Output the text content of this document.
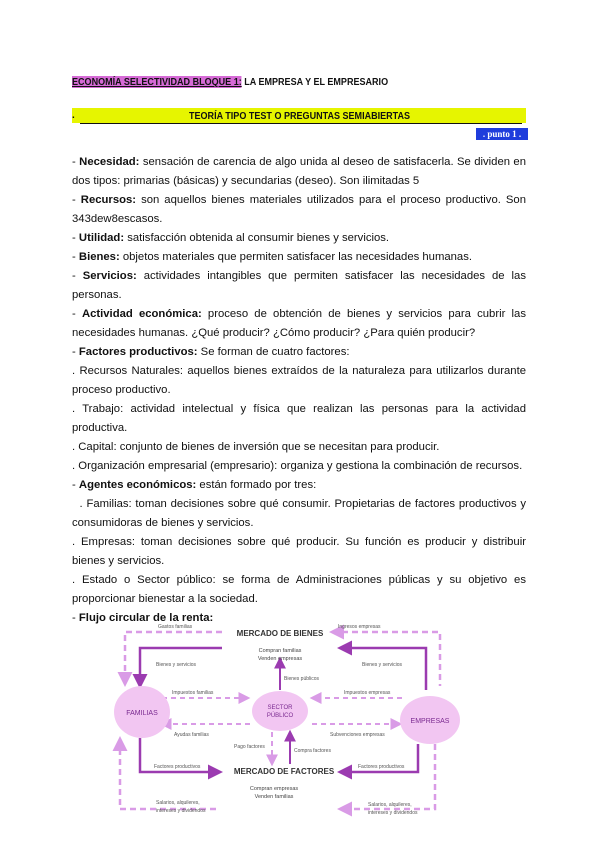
ECONOMÍA SELECTIVIDAD BLOQUE 1: LA EMPRESA Y EL EMPRESARIO
.	TEORÍA TIPO TEST O PREGUNTAS SEMIABIERTAS
. punto 1 .

- Necesidad: sensación de carencia de algo unida al deseo de satisfacerla. Se dividen en dos tipos: primarias (básicas) y secundarias (deseo). Son ilimitadas 5

- Recursos: son aquellos bienes materiales utilizados para el proceso productivo. Son 343dew8escasos.

- Utilidad: satisfacción obtenida al consumir bienes y servicios.

- Bienes: objetos materiales que permiten satisfacer las necesidades humanas.

- Servicios: actividades intangibles que permiten satisfacer las necesidades de las personas.

- Actividad económica: proceso de obtención de bienes y servicios para cubrir las necesidades humanas. ¿Qué producir? ¿Cómo producir? ¿Para quién producir?

- Factores productivos: Se forman de cuatro factores:

. Recursos Naturales: aquellos bienes extraídos de la naturaleza para utilizarlos durante proceso productivo.

. Trabajo: actividad intelectual y física que realizan las personas para la actividad productiva.

. Capital: conjunto de bienes de inversión que se necesitan para producir.

. Organización empresarial (empresario): organiza y gestiona la combinación de recursos.

- Agentes económicos: están formado por tres:

. Familias: toman decisiones sobre qué consumir. Propietarias de factores productivos y consumidoras de bienes y servicios.

. Empresas: toman decisiones sobre qué producir. Su función es producir y distribuir bienes y servicios.

. Estado o Sector público: se forma de Administraciones públicas y su objetivo es proporcionar bienestar a la sociedad.

- Flujo circular de la renta:

FAMILIAS
SECTOR
PÚBLICO
EMPRESAS
MERCADO DE BIENES
Compran familias
Venden empresas
MERCADO DE FACTORES
Compran empresas
Venden familias
Gastos familias	Ingresos empresas
Bienes y servicios	Bienes y servicios
Bienes públicos
Impuestos familias	Impuestos empresas
Ayudas familias	Subvenciones empresas
Pago factores
Compra factores
Factores productivos	Factores productivos
Salarios, alquileres,
intereses y dividendos
Salarios, alquileres,
intereses y dividendos
